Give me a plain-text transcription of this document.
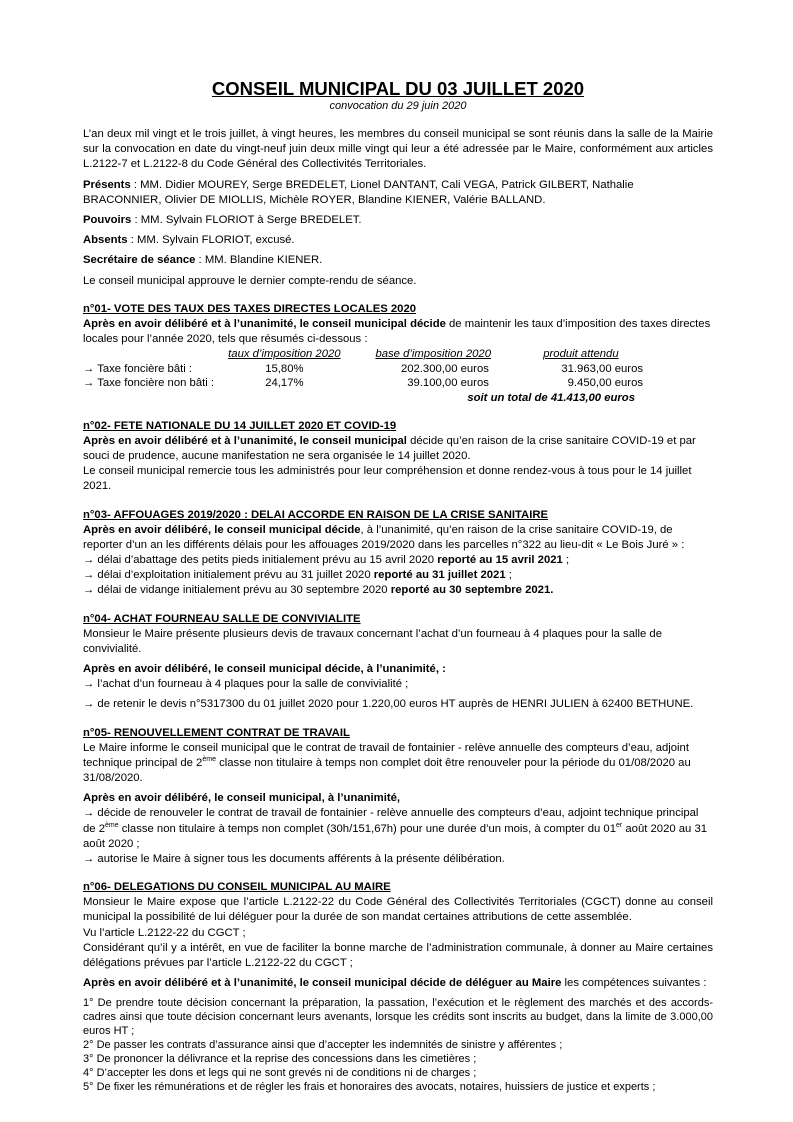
CONSEIL MUNICIPAL DU 03 JUILLET 2020

convocation du 29 juin 2020

L’an deux mil vingt et le trois juillet, à vingt heures, les membres du conseil municipal se sont réunis dans la salle de la Mairie sur la convocation en date du vingt-neuf juin deux mille vingt qui leur a été adressée par le Maire, conformément aux articles L.2122-7 et L.2122-8 du Code Général des Collectivités Territoriales.

Présents : MM. Didier MOUREY, Serge BREDELET, Lionel DANTANT, Cali VEGA, Patrick GILBERT, Nathalie BRACONNIER, Olivier DE MIOLLIS, Michèle ROYER, Blandine KIENER, Valérie BALLAND.

Pouvoirs : MM. Sylvain FLORIOT à Serge BREDELET.

Absents : MM. Sylvain FLORIOT, excusé.

Secrétaire de séance : MM. Blandine KIENER.

Le conseil municipal approuve le dernier compte-rendu de séance.

n°01- VOTE DES TAUX DES TAXES DIRECTES LOCALES 2020

Après en avoir délibéré et à l’unanimité, le conseil municipal décide de maintenir les taux d’imposition des taxes directes locales pour l’année 2020, tels que résumés ci-dessous :

	taux d’imposition 2020	base d’imposition 2020	produit attendu
→ Taxe foncière bâti :	15,80%	202.300,00 euros	31.963,00 euros
→ Taxe foncière non bâti :	24,17%	39.100,00 euros	9.450,00 euros

soit un total de 41.413,00 euros

n°02- FETE NATIONALE DU 14 JUILLET 2020 ET COVID-19

Après en avoir délibéré et à l’unanimité, le conseil municipal décide qu’en raison de la crise sanitaire COVID-19 et par souci de prudence, aucune manifestation ne sera organisée le 14 juillet 2020.

Le conseil municipal remercie tous les administrés pour leur compréhension et donne rendez-vous à tous pour le 14 juillet 2021.

n°03- AFFOUAGES 2019/2020 : DELAI ACCORDE EN RAISON DE LA CRISE SANITAIRE

Après en avoir délibéré, le conseil municipal décide, à l’unanimité, qu’en raison de la crise sanitaire COVID-19, de reporter d’un an les différents délais pour les affouages 2019/2020 dans les parcelles n°322 au lieu-dit « Le Bois Juré » :

→ délai d’abattage des petits pieds initialement prévu au 15 avril 2020 reporté au 15 avril 2021 ;

→ délai d’exploitation initialement prévu au 31 juillet 2020 reporté au 31 juillet 2021 ;

→ délai de vidange initialement prévu au 30 septembre 2020 reporté au 30 septembre 2021.

n°04- ACHAT FOURNEAU SALLE DE CONVIVIALITE

Monsieur le Maire présente plusieurs devis de travaux concernant l’achat d’un fourneau à 4 plaques pour la salle de convivialité.

Après en avoir délibéré, le conseil municipal décide, à l’unanimité, :

→ l’achat d’un fourneau à 4 plaques pour la salle de convivialité ;

→ de retenir le devis n°5317300 du 01 juillet 2020 pour 1.220,00 euros HT auprès de HENRI JULIEN à 62400 BETHUNE.

n°05- RENOUVELLEMENT CONTRAT DE TRAVAIL

Le Maire informe le conseil municipal que le contrat de travail de fontainier - relève annuelle des compteurs d’eau, adjoint technique principal de 2ème classe non titulaire à temps non complet doit être renouveler pour la période du 01/08/2020 au 31/08/2020.

Après en avoir délibéré, le conseil municipal, à l’unanimité,

→ décide de renouveler le contrat de travail de fontainier - relève annuelle des compteurs d’eau, adjoint technique principal de 2ème classe non titulaire à temps non complet (30h/151,67h) pour une durée d’un mois, à compter du 01er août 2020 au 31 août 2020 ;

→ autorise le Maire à signer tous les documents afférents à la présente délibération.

n°06- DELEGATIONS DU CONSEIL MUNICIPAL AU MAIRE

Monsieur le Maire expose que l’article L.2122-22 du Code Général des Collectivités Territoriales (CGCT) donne au conseil municipal la possibilité de lui déléguer pour la durée de son mandat certaines attributions de cette assemblée.

Vu l’article L.2122-22 du CGCT ;

Considérant qu’il y a intérêt, en vue de faciliter la bonne marche de l’administration communale, à donner au Maire certaines délégations prévues par l’article L.2122-22 du CGCT ;

Après en avoir délibéré et à l’unanimité, le conseil municipal décide de déléguer au Maire les compétences suivantes :

1° De prendre toute décision concernant la préparation, la passation, l’exécution et le règlement des marchés et des accords-cadres ainsi que toute décision concernant leurs avenants, lorsque les crédits sont inscrits au budget, dans la limite de 3.000,00 euros HT ;

2° De passer les contrats d’assurance ainsi que d’accepter les indemnités de sinistre y afférentes ;

3° De prononcer la délivrance et la reprise des concessions dans les cimetières ;

4° D’accepter les dons et legs qui ne sont grevés ni de conditions ni de charges ;

5° De fixer les rémunérations et de régler les frais et honoraires des avocats, notaires, huissiers de justice et experts ;
